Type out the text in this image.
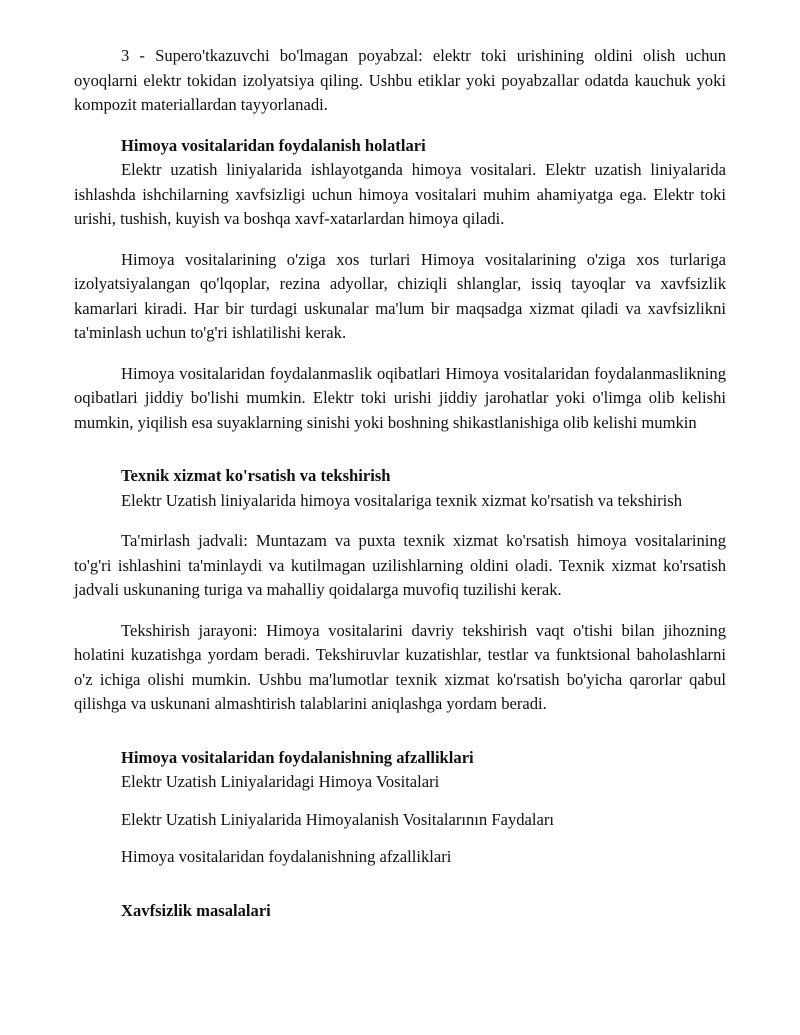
3 - Supero'tkazuvchi bo'lmagan poyabzal: elektr toki urishining oldini olish uchun oyoqlarni elektr tokidan izolyatsiya qiling. Ushbu etiklar yoki poyabzallar odatda kauchuk yoki kompozit materiallardan tayyorlanadi.

Himoya vositalaridan foydalanish holatlari

Elektr uzatish liniyalarida ishlayotganda himoya vositalari. Elektr uzatish liniyalarida ishlashda ishchilarning xavfsizligi uchun himoya vositalari muhim ahamiyatga ega. Elektr toki urishi, tushish, kuyish va boshqa xavf-xatarlardan himoya qiladi.

Himoya vositalarining o'ziga xos turlari Himoya vositalarining o'ziga xos turlariga izolyatsiyalangan qo'lqoplar, rezina adyollar, chiziqli shlanglar, issiq tayoqlar va xavfsizlik kamarlari kiradi. Har bir turdagi uskunalar ma'lum bir maqsadga xizmat qiladi va xavfsizlikni ta'minlash uchun to'g'ri ishlatilishi kerak.

Himoya vositalaridan foydalanmaslik oqibatlari Himoya vositalaridan foydalanmaslikning oqibatlari jiddiy bo'lishi mumkin. Elektr toki urishi jiddiy jarohatlar yoki o'limga olib kelishi mumkin, yiqilish esa suyaklarning sinishi yoki boshning shikastlanishiga olib kelishi mumkin

Texnik xizmat ko'rsatish va tekshirish

Elektr Uzatish liniyalarida himoya vositalariga texnik xizmat ko'rsatish va tekshirish

Ta'mirlash jadvali: Muntazam va puxta texnik xizmat ko'rsatish himoya vositalarining to'g'ri ishlashini ta'minlaydi va kutilmagan uzilishlarning oldini oladi. Texnik xizmat ko'rsatish jadvali uskunaning turiga va mahalliy qoidalarga muvofiq tuzilishi kerak.

Tekshirish jarayoni: Himoya vositalarini davriy tekshirish vaqt o'tishi bilan jihozning holatini kuzatishga yordam beradi. Tekshiruvlar kuzatishlar, testlar va funktsional baholashlarni o'z ichiga olishi mumkin. Ushbu ma'lumotlar texnik xizmat ko'rsatish bo'yicha qarorlar qabul qilishga va uskunani almashtirish talablarini aniqlashga yordam beradi.

Himoya vositalaridan foydalanishning afzalliklari

Elektr Uzatish Liniyalaridagi Himoya Vositalari

Elektr Uzatish Liniyalarida Himoyalanish Vositalarının Faydaları

Himoya vositalaridan foydalanishning afzalliklari

Xavfsizlik masalalari
